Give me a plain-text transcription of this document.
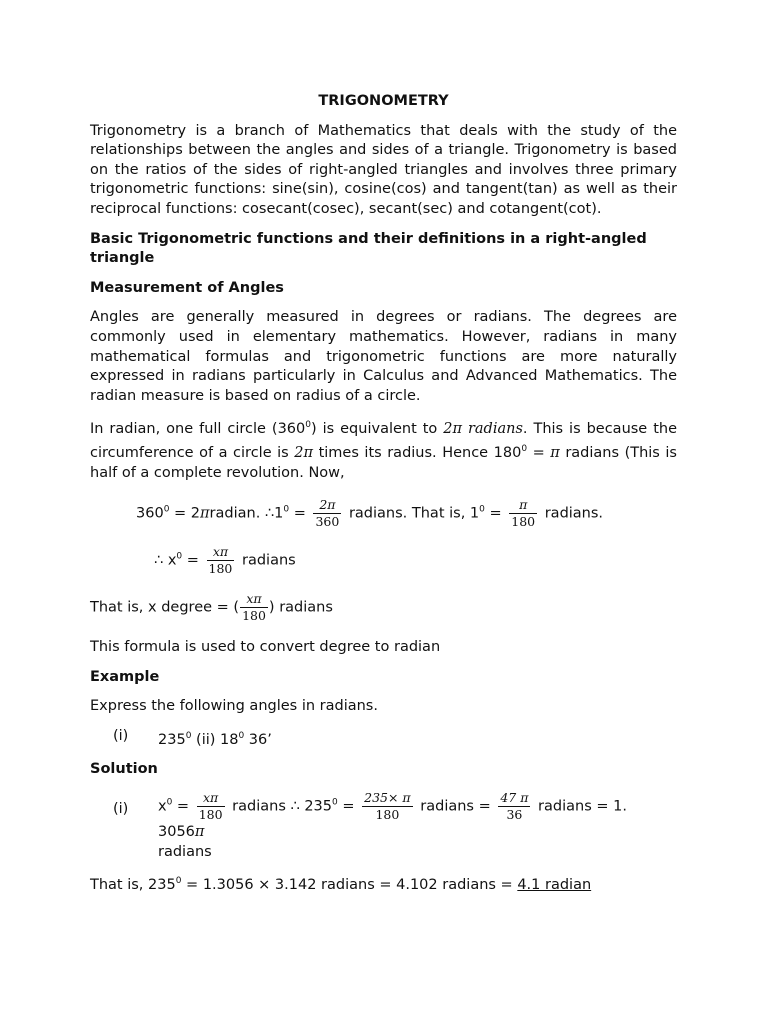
TRIGONOMETRY

Trigonometry is a branch of Mathematics that deals with the study of the relationships between the angles and sides of a triangle. Trigonometry is based on the ratios of the sides of right-angled triangles and involves three primary trigonometric functions: sine(sin), cosine(cos) and tangent(tan) as well as their reciprocal functions: cosecant(cosec), secant(sec) and cotangent(cot).

Basic Trigonometric functions and their definitions in a right-angled triangle

Measurement of Angles

Angles are generally measured in degrees or radians. The degrees are commonly used in elementary mathematics. However, radians in many mathematical formulas and trigonometric functions are more naturally expressed in radians particularly in Calculus and Advanced Mathematics. The radian measure is based on radius of a circle.

In radian, one full circle $(360^0)$ is equivalent to 2π radians. This is because the circumference of a circle is 2π times its radius. Hence $180^0 = \pi$ radians (This is half of a complete revolution. Now,

$360^0$ = 2πradian. $\therefore 1^0 = \frac{2\pi}{360}$ radians. That is, $1^0 = \frac{\pi}{180}$ radians.
∴ $x^0 = \frac{x\pi}{180}$ radians

That is, x degree = ( $\frac{x\pi}{180}$ ) radians

This formula is used to convert degree to radian

Example

Express the following angles in radians.

(i)	$235^0$ (ii) $18^0$ 36’

Solution

(i)	$x^0 = \frac{x\pi}{180}$ radians ∴ $235^0 = \frac{235\times \pi}{180}$ radians = $\frac{47 \pi}{36}$ radians = 1. 3056π
radians

That is, $235^0 = 1.3056 \times 3.142$ radians = 4.102 radians = 4.1 radian
